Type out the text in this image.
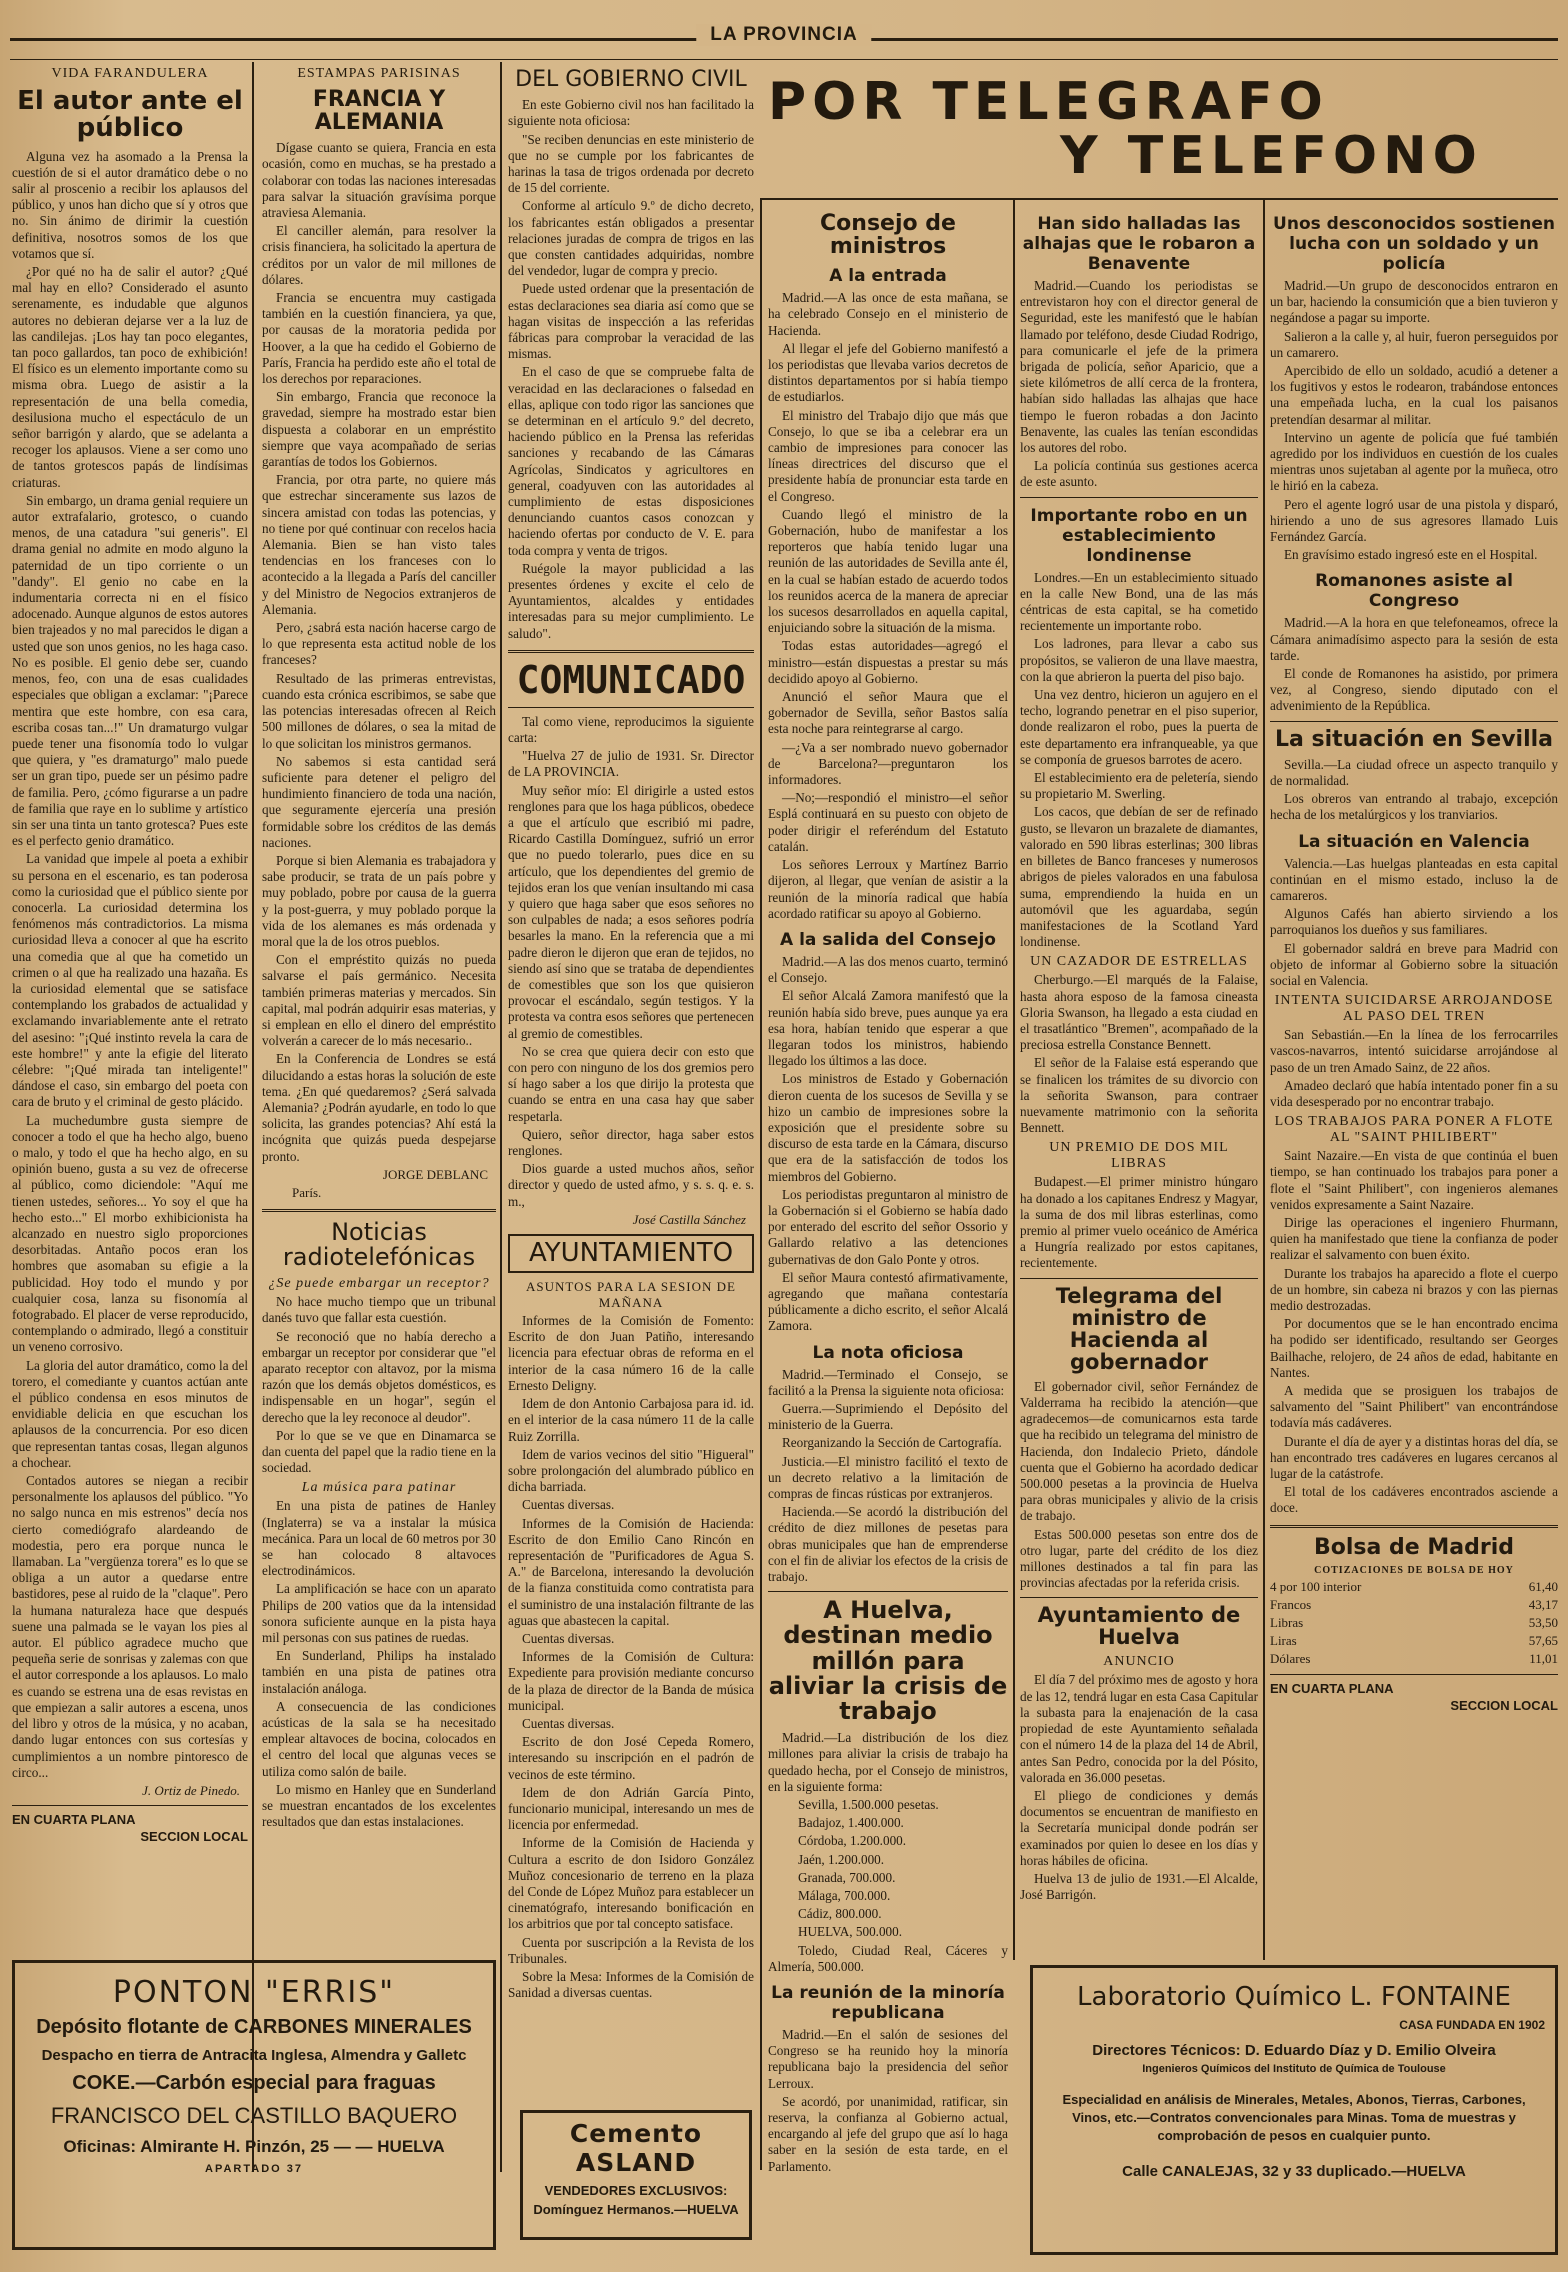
LA PROVINCIA
VIDA FARANDULERA
El autor ante el público

Alguna vez ha asomado a la Prensa la cuestión de si el autor dramático debe o no salir al proscenio a recibir los aplausos del público, y unos han dicho que sí y otros que no. Sin ánimo de dirimir la cuestión definitiva, nosotros somos de los que votamos que sí.

¿Por qué no ha de salir el autor? ¿Qué mal hay en ello? Considerado el asunto serenamente, es indudable que algunos autores no debieran dejarse ver a la luz de las candilejas. ¡Los hay tan poco elegantes, tan poco gallardos, tan poco de exhibición! El físico es un elemento importante como su misma obra. Luego de asistir a la representación de una bella comedia, desilusiona mucho el espectáculo de un señor barrigón y alardo, que se adelanta a recoger los aplausos. Viene a ser como uno de tantos grotescos papás de lindísimas criaturas.

Sin embargo, un drama genial requiere un autor extrafalario, grotesco, o cuando menos, de una catadura "sui generis". El drama genial no admite en modo alguno la paternidad de un tipo corriente o un "dandy". El genio no cabe en la indumentaria correcta ni en el físico adocenado. Aunque algunos de estos autores bien trajeados y no mal parecidos le digan a usted que son unos genios, no les haga caso. No es posible. El genio debe ser, cuando menos, feo, con una de esas cualidades especiales que obligan a exclamar: "¡Parece mentira que este hombre, con esa cara, escriba cosas tan...!" Un dramaturgo vulgar puede tener una fisonomía todo lo vulgar que quiera, y "es dramaturgo" malo puede ser un gran tipo, puede ser un pésimo padre de familia. Pero, ¿cómo figurarse a un padre de familia que raye en lo sublime y artístico sin ser una tinta un tanto grotesca? Pues este es el perfecto genio dramático.

La vanidad que impele al poeta a exhibir su persona en el escenario, es tan poderosa como la curiosidad que el público siente por conocerla. La curiosidad determina los fenómenos más contradictorios. La misma curiosidad lleva a conocer al que ha escrito una comedia que al que ha cometido un crimen o al que ha realizado una hazaña. Es la curiosidad elemental que se satisface contemplando los grabados de actualidad y exclamando invariablemente ante el retrato del asesino: "¡Qué instinto revela la cara de este hombre!" y ante la efigie del literato célebre: "¡Qué mirada tan inteligente!" dándose el caso, sin embargo del poeta con cara de bruto y el criminal de gesto plácido.

La muchedumbre gusta siempre de conocer a todo el que ha hecho algo, bueno o malo, y todo el que ha hecho algo, en su opinión bueno, gusta a su vez de ofrecerse al público, como diciendole: "Aquí me tienen ustedes, señores... Yo soy el que ha hecho esto..." El morbo exhibicionista ha alcanzado en nuestro siglo proporciones desorbitadas. Antaño pocos eran los hombres que asomaban su efigie a la publicidad. Hoy todo el mundo y por cualquier cosa, lanza su fisonomía al fotograbado. El placer de verse reproducido, contemplando o admirado, llegó a constituir un veneno corrosivo.

La gloria del autor dramático, como la del torero, el comediante y cuantos actúan ante el público condensa en esos minutos de envidiable delicia en que escuchan los aplausos de la concurrencia. Por eso dicen que representan tantas cosas, llegan algunos a chochear.

Contados autores se niegan a recibir personalmente los aplausos del público. "Yo no salgo nunca en mis estrenos" decía nos cierto comediógrafo alardeando de modestia, pero era porque nunca le llamaban. La "vergüenza torera" es lo que se obliga a un autor a quedarse entre bastidores, pese al ruido de la "claque". Pero la humana naturaleza hace que después suene una palmada se le vayan los pies al autor. El público agradece mucho que pequeña serie de sonrisas y zalemas con que el autor corresponde a los aplausos. Lo malo es cuando se estrena una de esas revistas en que empiezan a salir autores a escena, unos del libro y otros de la música, y no acaban, dando lugar entonces con sus cortesías y cumplimientos a un nombre pintoresco de circo...

J. Ortiz de Pinedo.
EN CUARTA PLANA
SECCION LOCAL
ESTAMPAS PARISINAS
FRANCIA Y ALEMANIA

Dígase cuanto se quiera, Francia en esta ocasión, como en muchas, se ha prestado a colaborar con todas las naciones interesadas para salvar la situación gravísima porque atraviesa Alemania.

El canciller alemán, para resolver la crisis financiera, ha solicitado la apertura de créditos por un valor de mil millones de dólares.

Francia se encuentra muy castigada también en la cuestión financiera, ya que, por causas de la moratoria pedida por Hoover, a la que ha cedido el Gobierno de París, Francia ha perdido este año el total de los derechos por reparaciones.

Sin embargo, Francia que reconoce la gravedad, siempre ha mostrado estar bien dispuesta a colaborar en un empréstito siempre que vaya acompañado de serias garantías de todos los Gobiernos.

Francia, por otra parte, no quiere más que estrechar sinceramente sus lazos de sincera amistad con todas las potencias, y no tiene por qué continuar con recelos hacia Alemania. Bien se han visto tales tendencias en los franceses con lo acontecido a la llegada a París del canciller y del Ministro de Negocios extranjeros de Alemania.

Pero, ¿sabrá esta nación hacerse cargo de lo que representa esta actitud noble de los franceses?

Resultado de las primeras entrevistas, cuando esta crónica escribimos, se sabe que las potencias interesadas ofrecen al Reich 500 millones de dólares, o sea la mitad de lo que solicitan los ministros germanos.

No sabemos si esta cantidad será suficiente para detener el peligro del hundimiento financiero de toda una nación, que seguramente ejercería una presión formidable sobre los créditos de las demás naciones.

Porque si bien Alemania es trabajadora y sabe producir, se trata de un país pobre y muy poblado, pobre por causa de la guerra y la post-guerra, y muy poblado porque la vida de los alemanes es más ordenada y moral que la de los otros pueblos.

Con el empréstito quizás no pueda salvarse el país germánico. Necesita también primeras materias y mercados. Sin capital, mal podrán adquirir esas materias, y si emplean en ello el dinero del empréstito volverán a carecer de lo más necesario..

En la Conferencia de Londres se está dilucidando a estas horas la solución de este tema. ¿En qué quedaremos? ¿Será salvada Alemania? ¿Podrán ayudarle, en todo lo que solicita, las grandes potencias? Ahí está la incógnita que quizás pueda despejarse pronto.

JORGE DEBLANC
París.
Noticias radiotelefónicas
¿Se puede embargar un receptor?

No hace mucho tiempo que un tribunal danés tuvo que fallar esta cuestión.

Se reconoció que no había derecho a embargar un receptor por considerar que "el aparato receptor con altavoz, por la misma razón que los demás objetos domésticos, es indispensable en un hogar", según el derecho que la ley reconoce al deudor".

Por lo que se ve que en Dinamarca se dan cuenta del papel que la radio tiene en la sociedad.

La música para patinar

En una pista de patines de Hanley (Inglaterra) se va a instalar la música mecánica. Para un local de 60 metros por 30 se han colocado 8 altavoces electrodinámicos.

La amplificación se hace con un aparato Philips de 200 vatios que da la intensidad sonora suficiente aunque en la pista haya mil personas con sus patines de ruedas.

En Sunderland, Philips ha instalado también en una pista de patines otra instalación análoga.

A consecuencia de las condiciones acústicas de la sala se ha necesitado emplear altavoces de bocina, colocados en el centro del local que algunas veces se utiliza como salón de baile.

Lo mismo en Hanley que en Sunderland se muestran encantados de los excelentes resultados que dan estas instalaciones.

DEL GOBIERNO CIVIL

En este Gobierno civil nos han facilitado la siguiente nota oficiosa:

"Se reciben denuncias en este ministerio de que no se cumple por los fabricantes de harinas la tasa de trigos ordenada por decreto de 15 del corriente.

Conforme al artículo 9.º de dicho decreto, los fabricantes están obligados a presentar relaciones juradas de compra de trigos en las que consten cantidades adquiridas, nombre del vendedor, lugar de compra y precio.

Puede usted ordenar que la presentación de estas declaraciones sea diaria así como que se hagan visitas de inspección a las referidas fábricas para comprobar la veracidad de las mismas.

En el caso de que se compruebe falta de veracidad en las declaraciones o falsedad en ellas, aplique con todo rigor las sanciones que se determinan en el artículo 9.º del decreto, haciendo público en la Prensa las referidas sanciones y recabando de las Cámaras Agrícolas, Sindicatos y agricultores en general, coadyuven con las autoridades al cumplimiento de estas disposiciones denunciando cuantos casos conozcan y haciendo ofertas por conducto de V. E. para toda compra y venta de trigos.

Ruégole la mayor publicidad a las presentes órdenes y excite el celo de Ayuntamientos, alcaldes y entidades interesadas para su mejor cumplimiento. Le saludo".

COMUNICADO

Tal como viene, reproducimos la siguiente carta:

"Huelva 27 de julio de 1931. Sr. Director de LA PROVINCIA.

Muy señor mío: El dirigirle a usted estos renglones para que los haga públicos, obedece a que el artículo que escribió mi padre, Ricardo Castilla Domínguez, sufrió un error que no puedo tolerarlo, pues dice en su artículo, que los dependientes del gremio de tejidos eran los que venían insultando mi casa y quiero que haga saber que esos señores no son culpables de nada; a esos señores podría besarles la mano. En la referencia que a mi padre dieron le dijeron que eran de tejidos, no siendo así sino que se trataba de dependientes de comestibles que son los que quisieron provocar el escándalo, según testigos. Y la protesta va contra esos señores que pertenecen al gremio de comestibles.

No se crea que quiera decir con esto que con pero con ninguno de los dos gremios pero sí hago saber a los que dirijo la protesta que cuando se entra en una casa hay que saber respetarla.

Quiero, señor director, haga saber estos renglones.

Dios guarde a usted muchos años, señor director y quedo de usted afmo, y s. s. q. e. s. m.,

José Castilla Sánchez
AYUNTAMIENTO
ASUNTOS PARA LA SESION DE MAÑANA

Informes de la Comisión de Fomento: Escrito de don Juan Patiño, interesando licencia para efectuar obras de reforma en el interior de la casa número 16 de la calle Ernesto Deligny.

Idem de don Antonio Carbajosa para id. id. en el interior de la casa número 11 de la calle Ruiz Zorrilla.

Idem de varios vecinos del sitio "Higueral" sobre prolongación del alumbrado público en dicha barriada.

Cuentas diversas.

Informes de la Comisión de Hacienda: Escrito de don Emilio Cano Rincón en representación de "Purificadores de Agua S. A." de Barcelona, interesando la devolución de la fianza constituida como contratista para el suministro de una instalación filtrante de las aguas que abastecen la capital.

Cuentas diversas.

Informes de la Comisión de Cultura: Expediente para provisión mediante concurso de la plaza de director de la Banda de música municipal.

Cuentas diversas.

Escrito de don José Cepeda Romero, interesando su inscripción en el padrón de vecinos de este término.

Idem de don Adrián García Pinto, funcionario municipal, interesando un mes de licencia por enfermedad.

Informe de la Comisión de Hacienda y Cultura a escrito de don Isidoro González Muñoz concesionario de terreno en la plaza del Conde de López Muñoz para establecer un cinematógrafo, interesando bonificación en los arbitrios que por tal concepto satisface.

Cuenta por suscripción a la Revista de los Tribunales.

Sobre la Mesa: Informes de la Comisión de Sanidad a diversas cuentas.

Cemento ASLAND
VENDEDORES EXCLUSIVOS:
Domínguez Hermanos.—HUELVA
POR TELEGRAFO
Y TELEFONO
Consejo de ministros
A la entrada

Madrid.—A las once de esta mañana, se ha celebrado Consejo en el ministerio de Hacienda.

Al llegar el jefe del Gobierno manifestó a los periodistas que llevaba varios decretos de distintos departamentos por si había tiempo de estudiarlos.

El ministro del Trabajo dijo que más que Consejo, lo que se iba a celebrar era un cambio de impresiones para conocer las líneas directrices del discurso que el presidente había de pronunciar esta tarde en el Congreso.

Cuando llegó el ministro de la Gobernación, hubo de manifestar a los reporteros que había tenido lugar una reunión de las autoridades de Sevilla ante él, en la cual se habían estado de acuerdo todos los reunidos acerca de la manera de apreciar los sucesos desarrollados en aquella capital, enjuiciando sobre la situación de la misma.

Todas estas autoridades—agregó el ministro—están dispuestas a prestar su más decidido apoyo al Gobierno.

Anunció el señor Maura que el gobernador de Sevilla, señor Bastos salía esta noche para reintegrarse al cargo.

—¿Va a ser nombrado nuevo gobernador de Barcelona?—preguntaron los informadores.

—No;—respondió el ministro—el señor Esplá continuará en su puesto con objeto de poder dirigir el referéndum del Estatuto catalán.

Los señores Lerroux y Martínez Barrio dijeron, al llegar, que venían de asistir a la reunión de la minoría radical que había acordado ratificar su apoyo al Gobierno.

A la salida del Consejo

Madrid.—A las dos menos cuarto, terminó el Consejo.

El señor Alcalá Zamora manifestó que la reunión había sido breve, pues aunque ya era esa hora, habían tenido que esperar a que llegaran todos los ministros, habiendo llegado los últimos a las doce.

Los ministros de Estado y Gobernación dieron cuenta de los sucesos de Sevilla y se hizo un cambio de impresiones sobre la exposición que el presidente sobre su discurso de esta tarde en la Cámara, discurso que era de la satisfacción de todos los miembros del Gobierno.

Los periodistas preguntaron al ministro de la Gobernación si el Gobierno se había dado por enterado del escrito del señor Ossorio y Gallardo relativo a las detenciones gubernativas de don Galo Ponte y otros.

El señor Maura contestó afirmativamente, agregando que mañana contestaría públicamente a dicho escrito, el señor Alcalá Zamora.

La nota oficiosa

Madrid.—Terminado el Consejo, se facilitó a la Prensa la siguiente nota oficiosa:

Guerra.—Suprimiendo el Depósito del ministerio de la Guerra.

Reorganizando la Sección de Cartografía.

Justicia.—El ministro facilitó el texto de un decreto relativo a la limitación de compras de fincas rústicas por extranjeros.

Hacienda.—Se acordó la distribución del crédito de diez millones de pesetas para obras municipales que han de emprenderse con el fin de aliviar los efectos de la crisis de trabajo.

A Huelva, destinan medio millón para aliviar la crisis de trabajo

Madrid.—La distribución de los diez millones para aliviar la crisis de trabajo ha quedado hecha, por el Consejo de ministros, en la siguiente forma:

Sevilla, 1.500.000 pesetas.

Badajoz, 1.400.000.

Córdoba, 1.200.000.

Jaén, 1.200.000.

Granada, 700.000.

Málaga, 700.000.

Cádiz, 800.000.

HUELVA, 500.000.

Toledo, Ciudad Real, Cáceres y Almería, 500.000.

La reunión de la minoría republicana

Madrid.—En el salón de sesiones del Congreso se ha reunido hoy la minoría republicana bajo la presidencia del señor Lerroux.

Se acordó, por unanimidad, ratificar, sin reserva, la confianza al Gobierno actual, encargando al jefe del grupo que así lo haga saber en la sesión de esta tarde, en el Parlamento.

Han sido halladas las alhajas que le robaron a Benavente

Madrid.—Cuando los periodistas se entrevistaron hoy con el director general de Seguridad, este les manifestó que le habían llamado por teléfono, desde Ciudad Rodrigo, para comunicarle el jefe de la primera brigada de policía, señor Aparicio, que a siete kilómetros de allí cerca de la frontera, habían sido halladas las alhajas que hace tiempo le fueron robadas a don Jacinto Benavente, las cuales las tenían escondidas los autores del robo.

La policía continúa sus gestiones acerca de este asunto.

Importante robo en un establecimiento londinense

Londres.—En un establecimiento situado en la calle New Bond, una de las más céntricas de esta capital, se ha cometido recientemente un importante robo.

Los ladrones, para llevar a cabo sus propósitos, se valieron de una llave maestra, con la que abrieron la puerta del piso bajo.

Una vez dentro, hicieron un agujero en el techo, logrando penetrar en el piso superior, donde realizaron el robo, pues la puerta de este departamento era infranqueable, ya que se componía de gruesos barrotes de acero.

El establecimiento era de peletería, siendo su propietario M. Swerling.

Los cacos, que debían de ser de refinado gusto, se llevaron un brazalete de diamantes, valorado en 590 libras esterlinas; 300 libras en billetes de Banco franceses y numerosos abrigos de pieles valorados en una fabulosa suma, emprendiendo la huida en un automóvil que les aguardaba, según manifestaciones de la Scotland Yard londinense.

UN CAZADOR DE ESTRELLAS

Cherburgo.—El marqués de la Falaise, hasta ahora esposo de la famosa cineasta Gloria Swanson, ha llegado a esta ciudad en el trasatlántico "Bremen", acompañado de la preciosa estrella Constance Bennett.

El señor de la Falaise está esperando que se finalicen los trámites de su divorcio con la señorita Swanson, para contraer nuevamente matrimonio con la señorita Bennett.

UN PREMIO DE DOS MIL LIBRAS

Budapest.—El primer ministro húngaro ha donado a los capitanes Endresz y Magyar, la suma de dos mil libras esterlinas, como premio al primer vuelo oceánico de América a Hungría realizado por estos capitanes, recientemente.

Telegrama del ministro de Hacienda al gobernador

El gobernador civil, señor Fernández de Valderrama ha recibido la atención—que agradecemos—de comunicarnos esta tarde que ha recibido un telegrama del ministro de Hacienda, don Indalecio Prieto, dándole cuenta que el Gobierno ha acordado dedicar 500.000 pesetas a la provincia de Huelva para obras municipales y alivio de la crisis de trabajo.

Estas 500.000 pesetas son entre dos de otro lugar, parte del crédito de los diez millones destinados a tal fin para las provincias afectadas por la referida crisis.

Ayuntamiento de Huelva
ANUNCIO

El día 7 del próximo mes de agosto y hora de las 12, tendrá lugar en esta Casa Capitular la subasta para la enajenación de la casa propiedad de este Ayuntamiento señalada con el número 14 de la plaza del 14 de Abril, antes San Pedro, conocida por la del Pósito, valorada en 36.000 pesetas.

El pliego de condiciones y demás documentos se encuentran de manifiesto en la Secretaría municipal donde podrán ser examinados por quien lo desee en los días y horas hábiles de oficina.

Huelva 13 de julio de 1931.—El Alcalde, José Barrigón.

Unos desconocidos sostienen lucha con un soldado y un policía

Madrid.—Un grupo de desconocidos entraron en un bar, haciendo la consumición que a bien tuvieron y negándose a pagar su importe.

Salieron a la calle y, al huir, fueron perseguidos por un camarero.

Apercibido de ello un soldado, acudió a detener a los fugitivos y estos le rodearon, trabándose entonces una empeñada lucha, en la cual los paisanos pretendían desarmar al militar.

Intervino un agente de policía que fué también agredido por los individuos en cuestión de los cuales mientras unos sujetaban al agente por la muñeca, otro le hirió en la cabeza.

Pero el agente logró usar de una pistola y disparó, hiriendo a uno de sus agresores llamado Luis Fernández García.

En gravísimo estado ingresó este en el Hospital.

Romanones asiste al Congreso

Madrid.—A la hora en que telefoneamos, ofrece la Cámara animadísimo aspecto para la sesión de esta tarde.

El conde de Romanones ha asistido, por primera vez, al Congreso, siendo diputado con el advenimiento de la República.

La situación en Sevilla

Sevilla.—La ciudad ofrece un aspecto tranquilo y de normalidad.

Los obreros van entrando al trabajo, excepción hecha de los metalúrgicos y los tranviarios.

La situación en Valencia

Valencia.—Las huelgas planteadas en esta capital continúan en el mismo estado, incluso la de camareros.

Algunos Cafés han abierto sirviendo a los parroquianos los dueños y sus familiares.

El gobernador saldrá en breve para Madrid con objeto de informar al Gobierno sobre la situación social en Valencia.

INTENTA SUICIDARSE ARROJANDOSE AL PASO DEL TREN

San Sebastián.—En la línea de los ferrocarriles vascos-navarros, intentó suicidarse arrojándose al paso de un tren Amado Sainz, de 22 años.

Amadeo declaró que había intentado poner fin a su vida desesperado por no encontrar trabajo.

LOS TRABAJOS PARA PONER A FLOTE AL "SAINT PHILIBERT"

Saint Nazaire.—En vista de que continúa el buen tiempo, se han continuado los trabajos para poner a flote el "Saint Philibert", con ingenieros alemanes venidos expresamente a Saint Nazaire.

Dirige las operaciones el ingeniero Fhurmann, quien ha manifestado que tiene la confianza de poder realizar el salvamento con buen éxito.

Durante los trabajos ha aparecido a flote el cuerpo de un hombre, sin cabeza ni brazos y con las piernas medio destrozadas.

Por documentos que se le han encontrado encima ha podido ser identificado, resultando ser Georges Bailhache, relojero, de 24 años de edad, habitante en Nantes.

A medida que se prosiguen los trabajos de salvamento del "Saint Philibert" van encontrándose todavía más cadáveres.

Durante el día de ayer y a distintas horas del día, se han encontrado tres cadáveres en lugares cercanos al lugar de la catástrofe.

El total de los cadáveres encontrados asciende a doce.

Bolsa de Madrid
COTIZACIONES DE BOLSA DE HOY
4 por 100 interior	61,40
Francos	43,17
Libras	53,50
Liras	57,65
Dólares	11,01
EN CUARTA PLANA
SECCION LOCAL
PONTON "ERRIS"
Depósito flotante de CARBONES MINERALES
Despacho en tierra de Antracita Inglesa, Almendra y Galletc
COKE.—Carbón especial para fraguas
FRANCISCO DEL CASTILLO BAQUERO
Oficinas: Almirante H. Pinzón, 25 — — HUELVA
APARTADO 37
Laboratorio Químico L. FONTAINE
CASA FUNDADA EN 1902
Directores Técnicos: D. Eduardo Díaz y D. Emilio Olveira
Ingenieros Químicos del Instituto de Química de Toulouse
Especialidad en análisis de Minerales, Metales, Abonos, Tierras, Carbones, Vinos, etc.—Contratos convencionales para Minas. Toma de muestras y comprobación de pesos en cualquier punto.
Calle CANALEJAS, 32 y 33 duplicado.—HUELVA
